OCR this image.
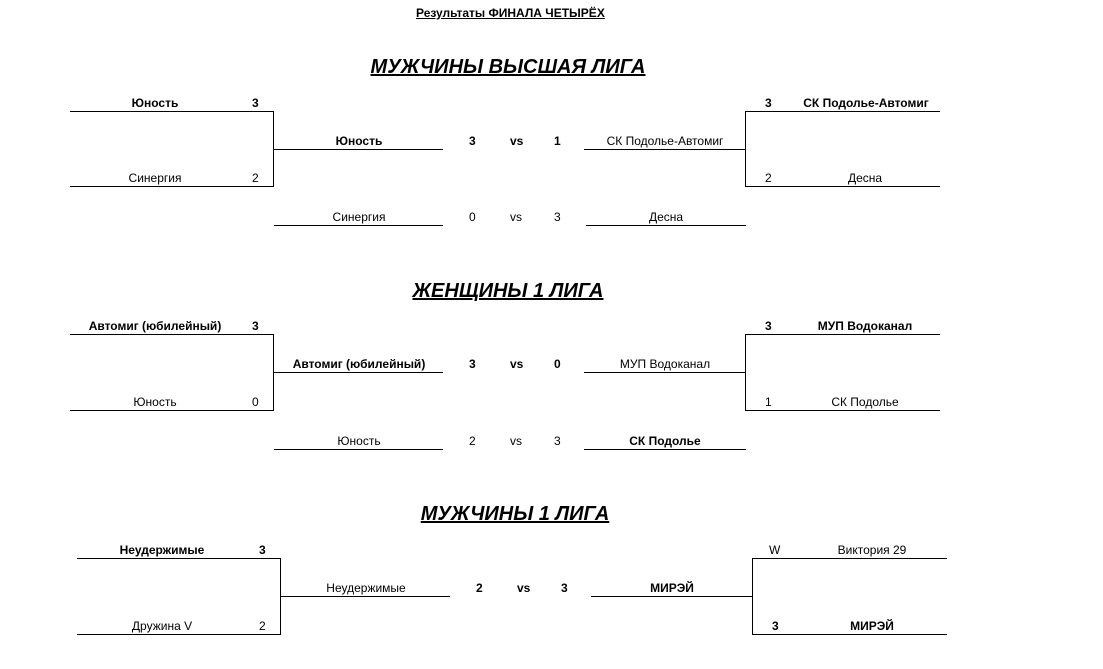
Результаты ФИНАЛА ЧЕТЫРЁХ
МУЖЧИНЫ ВЫСШАЯ ЛИГА
Юность	3
Синергия	2
Юность	3	vs	1	СК Подолье-Автомиг
3	СК Подолье-Автомиг
2	Десна
Синергия	0	vs	3	Десна
ЖЕНЩИНЫ 1 ЛИГА
Автомиг (юбилейный)	3
Юность	0
Автомиг (юбилейный)	3	vs	0	МУП Водоканал
3	МУП Водоканал
1	СК Подолье
Юность	2	vs	3	СК Подолье
МУЖЧИНЫ 1 ЛИГА
Неудержимые	3
Дружина V	2
Неудержимые	2	vs	3	МИРЭЙ
W	Виктория 29
3	МИРЭЙ
